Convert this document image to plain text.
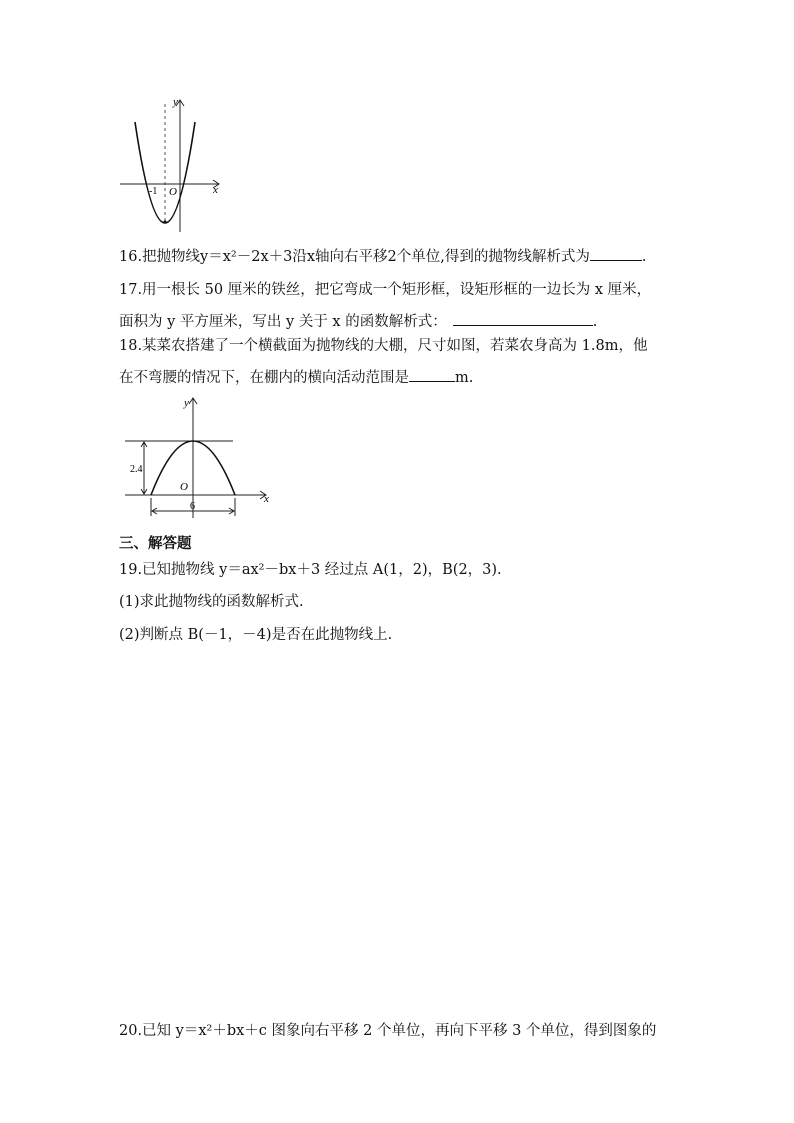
y
x
-1 O
16.把抛物线y＝x²－2x＋3沿x轴向右平移2个单位,得到的抛物线解析式为	.
17.用一根长 50 厘米的铁丝，把它弯成一个矩形框，设矩形框的一边长为 x 厘米，
面积为 y 平方厘米，写出 y 关于 x 的函数解析式：	.
18.某菜农搭建了一个横截面为抛物线的大棚，尺寸如图，若菜农身高为 1.8m，他
在不弯腰的情况下，在棚内的横向活动范围是	m.
y
x
2.4
O
6
三、解答题
19.已知抛物线 y＝ax²－bx＋3 经过点 A(1，2)，B(2，3).
(1)求此抛物线的函数解析式.
(2)判断点 B(－1，－4)是否在此抛物线上.
20.已知 y＝x²＋bx＋c 图象向右平移 2 个单位，再向下平移 3 个单位，得到图象的
